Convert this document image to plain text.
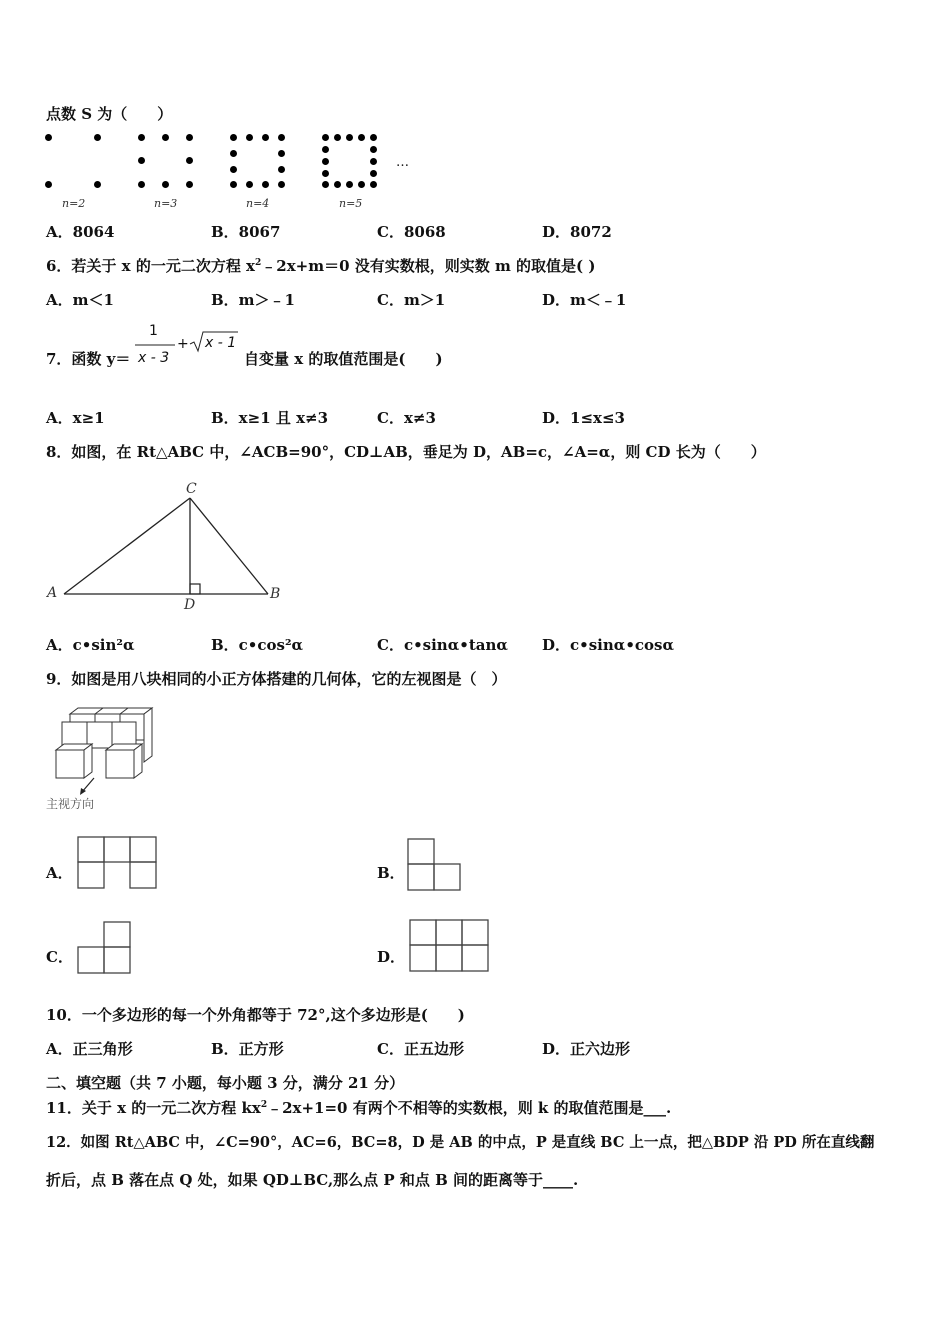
点数 S 为（　　）
…
n=2	n=3	n=4	n=5
A．8064	B．8067	C．8068	D．8072
6．若关于 x 的一元二次方程 $x^2﹣2x+m=0$ 没有实数根，则实数 m 的取值是( )
A．m＜1	B．m＞﹣1	C．m＞1	D．m＜﹣1
7．函数 y＝
1
x - 3
+ x - 1
自变量 x 的取值范围是(　　)
A．x≥1	B．x≥1 且 x≠3	C．x≠3	D．1≤x≤3
8．如图，在 Rt△ABC 中，∠ACB=90°，CD⊥AB，垂足为 D，AB=c，∠A=α，则 CD 长为（　　）
C
A	B
D
A．c•sin²α	B．c•cos²α	C．c•sinα•tanα D．c•sinα•cosα
9．如图是用八块相同的小正方体搭建的几何体，它的左视图是（　）
主视方向
A．	B．
C．	D．
10．一个多边形的每一个外角都等于 72°,这个多边形是(　　)
A．正三角形	B．正方形	C．正五边形	D．正六边形
二、填空题（共 7 小题，每小题 3 分，满分 21 分）
11．关于 x 的一元二次方程 $kx^2﹣2x+1=0$ 有两个不相等的实数根，则 k 的取值范围是___.
12．如图 Rt△ABC 中，∠C=90°，AC=6，BC=8，D 是 AB 的中点，P 是直线 BC 上一点，把△BDP 沿 PD 所在直线翻
折后，点 B 落在点 Q 处，如果 QD⊥BC,那么点 P 和点 B 间的距离等于____.
